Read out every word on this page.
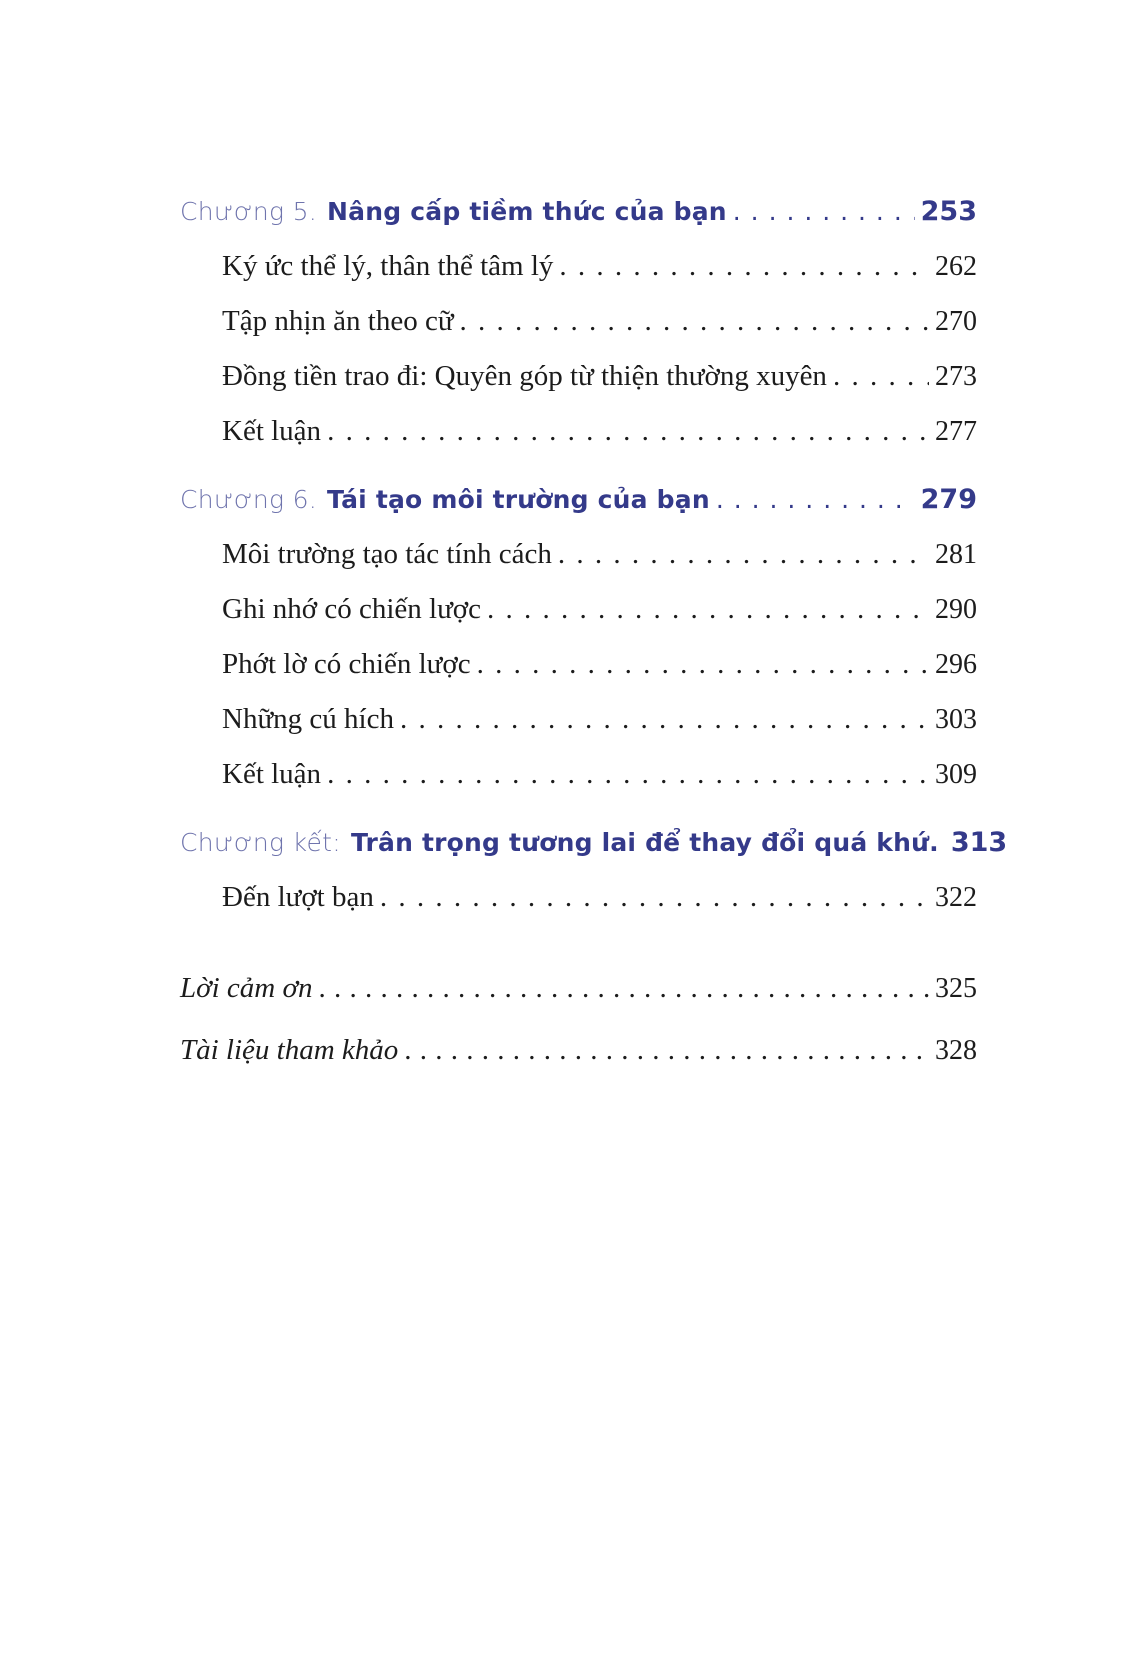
Chương 5. Nâng cấp tiềm thức của bạn . . .	253
Ký ức thể lý, thân thể tâm lý . . .	262
Tập nhịn ăn theo cữ . . .	270
Đồng tiền trao đi: Quyên góp từ thiện thường xuyên . . .	273
Kết luận . . .	277
Chương 6. Tái tạo môi trường của bạn . . .	279
Môi trường tạo tác tính cách . . .	281
Ghi nhớ có chiến lược . . .	290
Phớt lờ có chiến lược . . .	296
Những cú hích . . .	303
Kết luận . . .	309
Chương kết: Trân trọng tương lai để thay đổi quá khứ. 313
Đến lượt bạn . . .	322
Lời cảm ơn . . .	325
Tài liệu tham khảo . . .	328
